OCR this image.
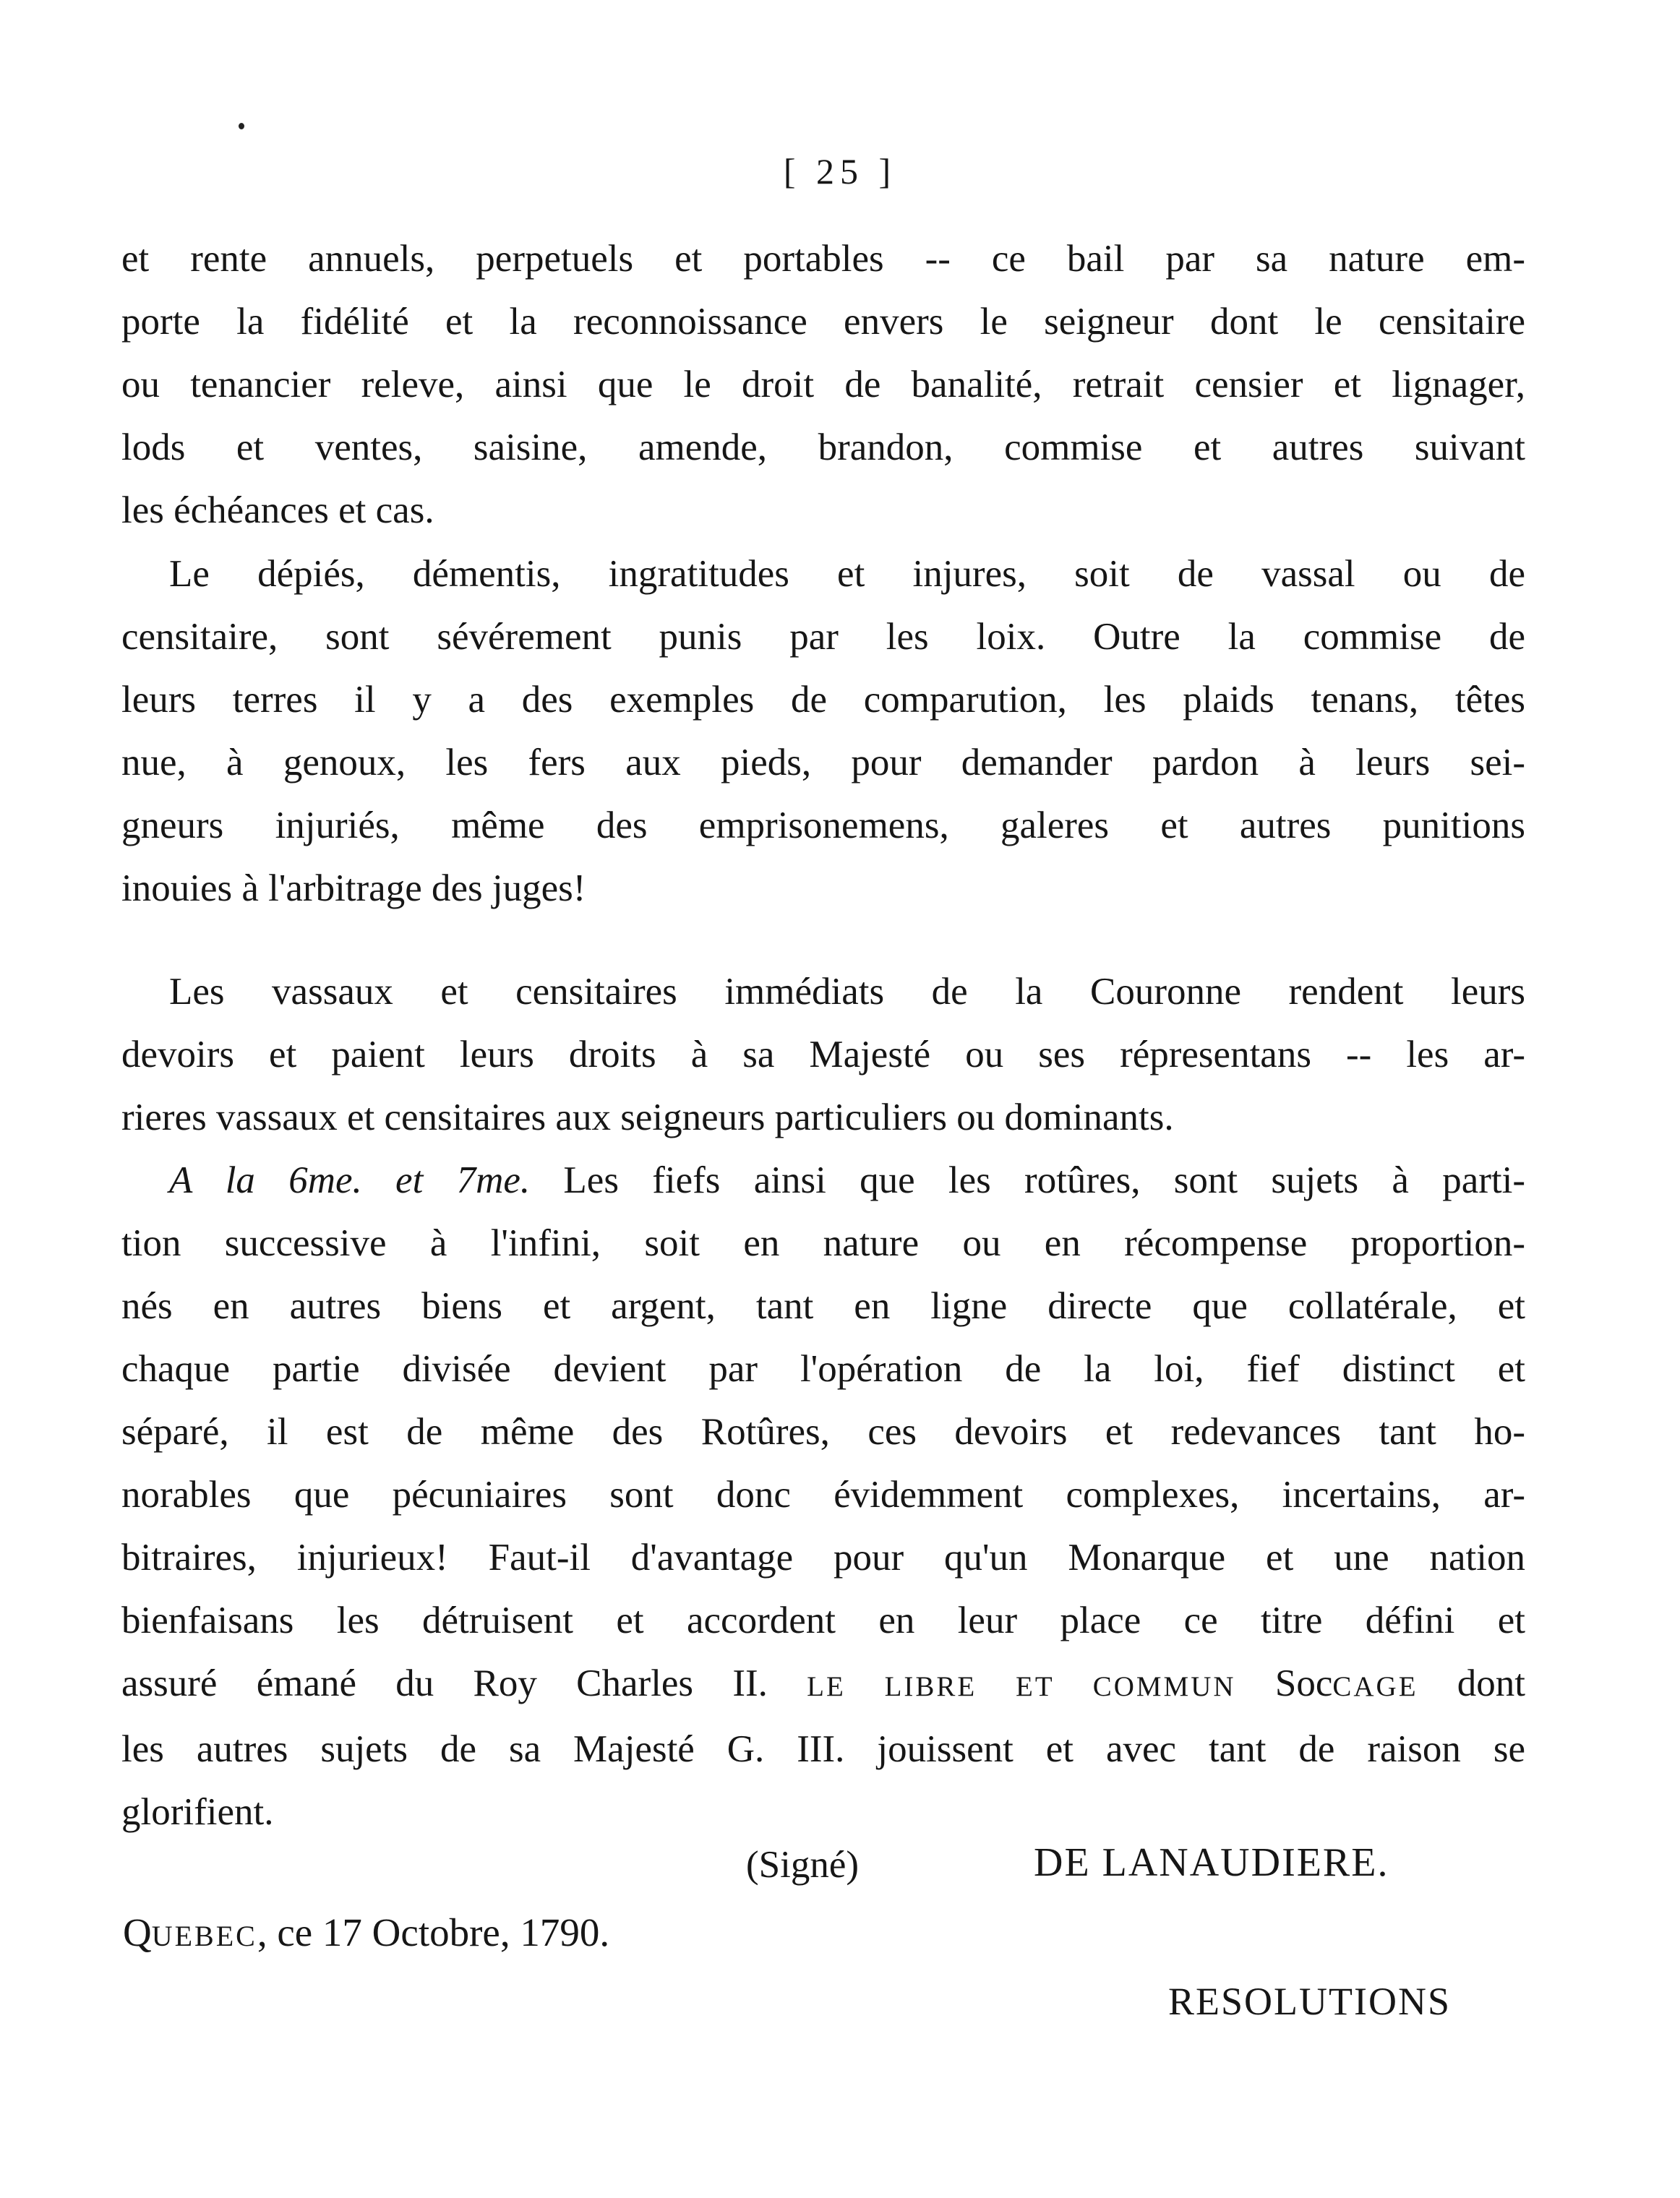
[ 25 ]

et rente annuels, perpetuels et portables -- ce bail par sa nature em-
porte la fidélité et la reconnoissance envers le seigneur dont le censitaire
ou tenancier releve, ainsi que le droit de banalité, retrait censier et lignager,
lods et ventes, saisine, amende, brandon, commise et autres suivant
les échéances et cas.

Le dépiés, démentis, ingratitudes et injures, soit de vassal ou de
censitaire, sont sévérement punis par les loix. Outre la commise de
leurs terres il y a des exemples de comparution, les plaids tenans, têtes
nue, à genoux, les fers aux pieds, pour demander pardon à leurs sei-
gneurs injuriés, même des emprisonemens, galeres et autres punitions
inouies à l'arbitrage des juges!

Les vassaux et censitaires immédiats de la Couronne rendent leurs
devoirs et paient leurs droits à sa Majesté ou ses répresentans -- les ar-
rieres vassaux et censitaires aux seigneurs particuliers ou dominants.

A la 6me. et 7me. Les fiefs ainsi que les rotûres, sont sujets à parti-
tion successive à l'infini, soit en nature ou en récompense proportion-
nés en autres biens et argent, tant en ligne directe que collatérale, et
chaque partie divisée devient par l'opération de la loi, fief distinct et
séparé, il est de même des Rotûres, ces devoirs et redevances tant ho-
norables que pécuniaires sont donc évidemment complexes, incertains, ar-
bitraires, injurieux! Faut-il d'avantage pour qu'un Monarque et une nation
bienfaisans les détruisent et accordent en leur place ce titre défini et
assuré émané du Roy Charles II. LE LIBRE ET COMMUN SocCAGE dont
les autres sujets de sa Majesté G. III. jouissent et avec tant de raison se
glorifient.

(Signé)	DE LANAUDIERE.
QUEBEC, ce 17 Octobre, 1790.
RESOLUTIONS
